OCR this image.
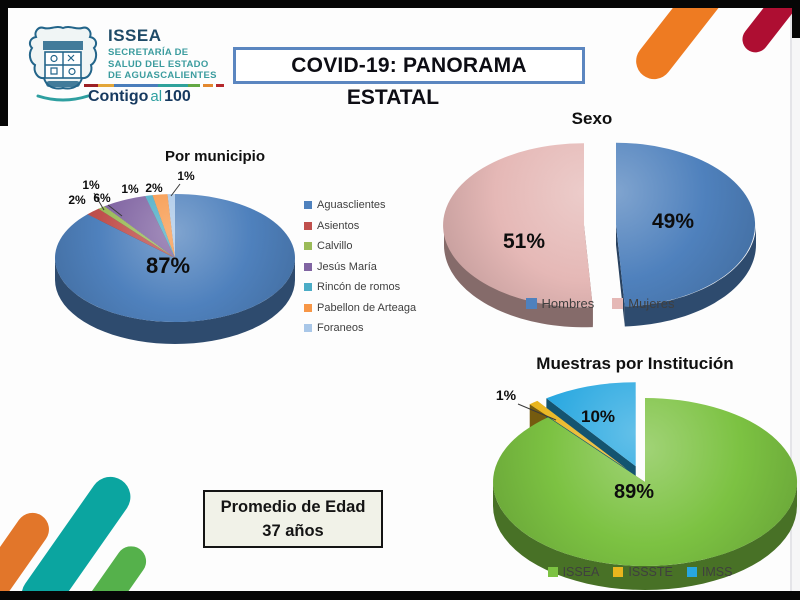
ISSEA
SECRETARÍA DE
SALUD DEL ESTADO
DE AGUASCALIENTES
Contigo al 100
COVID-19: PANORAMA
ESTATAL
Por municipio
Sexo
Muestras por Institución
87%
2%
1%
6%
1% 2%
1%
49%
51%
89%
10%
1%
Aguasclientes
Asientos
Calvillo
Jesús María
Rincón de romos
Pabellon de Arteaga
Foraneos
Hombres	Mujeres
ISSEA ISSSTE IMSS
Promedio de Edad
37 años
